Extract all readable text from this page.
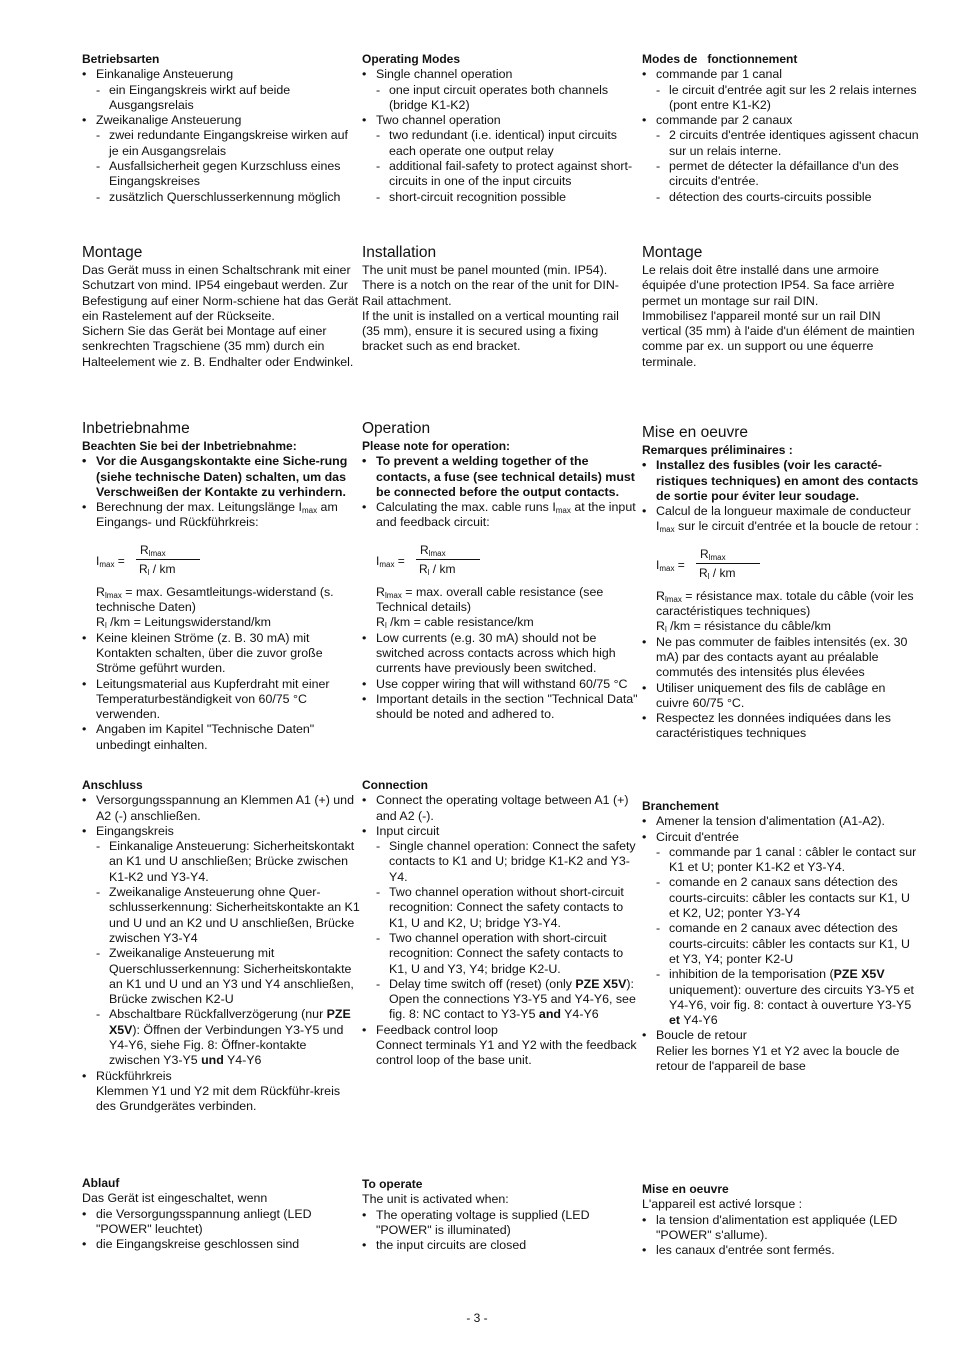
Betriebsarten

• Einkanalige Ansteuerung
- ein Eingangskreis wirkt auf beide Ausgangsrelais
• Zweikanalige Ansteuerung
- zwei redundante Eingangskreise wirken auf je ein Ausgangsrelais
- Ausfallsicherheit gegen Kurzschluss eines Eingangskreises
- zusätzlich Querschlusserkennung möglich

Montage

Das Gerät muss in einen Schaltschrank mit einer Schutzart von mind. IP54 eingebaut werden. Zur Befestigung auf einer Norm-schiene hat das Gerät ein Rastelement auf der Rückseite.

Sichern Sie das Gerät bei Montage auf einer senkrechten Tragschiene (35 mm) durch ein Halteelement wie z. B. Endhalter oder Endwinkel.

Inbetriebnahme

Beachten Sie bei der Inbetriebnahme:

• Vor die Ausgangskontakte eine Siche-rung (siehe technische Daten) schalten, um das Verschweißen der Kontakte zu verhindern.
• Berechnung der max. Leitungslänge $I_{max}$ am Eingangs- und Rückführkreis:
$I_{max}$ =
$R_{lmax}$
$R_l$ / km

$R_{lmax} = \max$. Gesamtleitungs-widerstand (s. technische Daten)

$R_l$ /km = Leitungswiderstand/km

• Keine kleinen Ströme (z. B. 30 mA) mit Kontakten schalten, über die zuvor große Ströme geführt wurden.
• Leitungsmaterial aus Kupferdraht mit einer Temperaturbeständigkeit von 60/75 °C verwenden.
• Angaben im Kapitel "Technische Daten" unbedingt einhalten.

Anschluss

• Versorgungsspannung an Klemmen A1 (+) und A2 (-) anschließen.
• Eingangskreis
- Einkanalige Ansteuerung: Sicherheitskontakt an K1 und U anschließen; Brücke zwischen K1-K2 und Y3-Y4.
- Zweikanalige Ansteuerung ohne Quer-schlusserkennung: Sicherheitskontakte an K1 und U und an K2 und U anschließen, Brücke zwischen Y3-Y4
- Zweikanalige Ansteuerung mit Querschlusserkennung: Sicherheitskontakte an K1 und U und an Y3 und Y4 anschließen, Brücke zwischen K2-U
- Abschaltbare Rückfallverzögerung (nur PZE X5V): Öffnen der Verbindungen Y3-Y5 und Y4-Y6, siehe Fig. 8: Öffner-kontakte zwischen Y3-Y5 und Y4-Y6
• Rückführkreis
Klemmen Y1 und Y2 mit dem Rückführ-kreis des Grundgerätes verbinden.

Ablauf

Das Gerät ist eingeschaltet, wenn

• die Versorgungsspannung anliegt (LED "POWER" leuchtet)
• die Eingangskreise geschlossen sind

Operating Modes

• Single channel operation
- one input circuit operates both channels (bridge K1-K2)
• Two channel operation
- two redundant (i.e. identical) input circuits each operate one output relay
- additional fail-safety to protect against short-circuits in one of the input circuits
- short-circuit recognition possible

Installation

The unit must be panel mounted (min. IP54). There is a notch on the rear of the unit for DIN-Rail attachment.

If the unit is installed on a vertical mounting rail (35 mm), ensure it is secured using a fixing bracket such as end bracket.

Operation

Please note for operation:

• To prevent a welding together of the contacts, a fuse (see technical details) must be connected before the output contacts.
• Calculating the max. cable runs $I_{max}$ at the input and feedback circuit:
$I_{max}$ =
$R_{lmax}$
$R_l$ / km

$R_{lmax} = \max$. overall cable resistance (see Technical details)

$R_l$ /km = cable resistance/km

• Low currents (e.g. 30 mA) should not be switched across contacts across which high currents have previously been switched.
• Use copper wiring that will withstand 60/75 °C
• Important details in the section "Technical Data" should be noted and adhered to.

Connection

• Connect the operating voltage between A1 (+) and A2 (-).
• Input circuit
- Single channel operation: Connect the safety contacts to K1 and U; bridge K1-K2 and Y3-Y4.
- Two channel operation without short-circuit recognition: Connect the safety contacts to K1, U and K2, U; bridge Y3-Y4.
- Two channel operation with short-circuit recognition: Connect the safety contacts to K1, U and Y3, Y4; bridge K2-U.
- Delay time switch off (reset) (only PZE X5V): Open the connections Y3-Y5 and Y4-Y6, see fig. 8: NC contact to Y3-Y5 and Y4-Y6
• Feedback control loop
Connect terminals Y1 and Y2 with the feedback control loop of the base unit.

To operate

The unit is activated when:

• The operating voltage is supplied (LED "POWER" is illuminated)
• the input circuits are closed

Modes de   fonctionnement

• commande par 1 canal
- le circuit d'entrée agit sur les 2 relais internes (pont entre K1-K2)
• commande par 2 canaux
- 2 circuits d'entrée identiques agissent chacun sur un relais interne.
- permet de détecter la défaillance d'un des circuits d'entrée.
- détection des courts-circuits possible

Montage

Le relais doit être installé dans une armoire équipée d'une protection IP54. Sa face arrière permet un montage sur rail DIN.

Immobilisez l'appareil monté sur un rail DIN vertical (35 mm) à l'aide d'un élément de maintien comme par ex. un support ou une équerre terminale.

Mise en oeuvre

Remarques préliminaires :

• Installez des fusibles (voir les caracté-ristiques techniques) en amont des contacts de sortie pour éviter leur soudage.
• Calcul de la longueur maximale de conducteur $I_{max}$ sur le circuit d'entrée et la boucle de retour :
$I_{max}$ =
$R_{lmax}$
$R_l$ / km

$R_{lmax}$ = résistance max. totale du câble (voir les caractéristiques techniques)

$R_l$ /km = résistance du câble/km

• Ne pas commuter de faibles intensités (ex. 30 mA) par des contacts ayant au préalable commutés des intensités plus élevées
• Utiliser uniquement des fils de cablâge en cuivre 60/75 °C.
• Respectez les données indiquées dans les caractéristiques techniques

Branchement

• Amener la tension d'alimentation (A1-A2).
• Circuit d'entrée
- commande par 1 canal : câbler le contact sur K1 et U; ponter K1-K2 et Y3-Y4.
- comande en 2 canaux sans détection des courts-circuits: câbler les contacts sur K1, U et K2, U2; ponter Y3-Y4
- comande en 2 canaux avec détection des courts-circuits: câbler les contacts sur K1, U et Y3, Y4; ponter K2-U
- inhibition de la temporisation (PZE X5V uniquement): ouverture des circuits Y3-Y5 et Y4-Y6, voir fig. 8: contact à ouverture Y3-Y5 et Y4-Y6
• Boucle de retour
Relier les bornes Y1 et Y2 avec la boucle de retour de l'appareil de base

Mise en oeuvre

L'appareil est activé lorsque :

• la tension d'alimentation est appliquée (LED "POWER" s'allume).
• les canaux d'entrée sont fermés.
- 3 -
